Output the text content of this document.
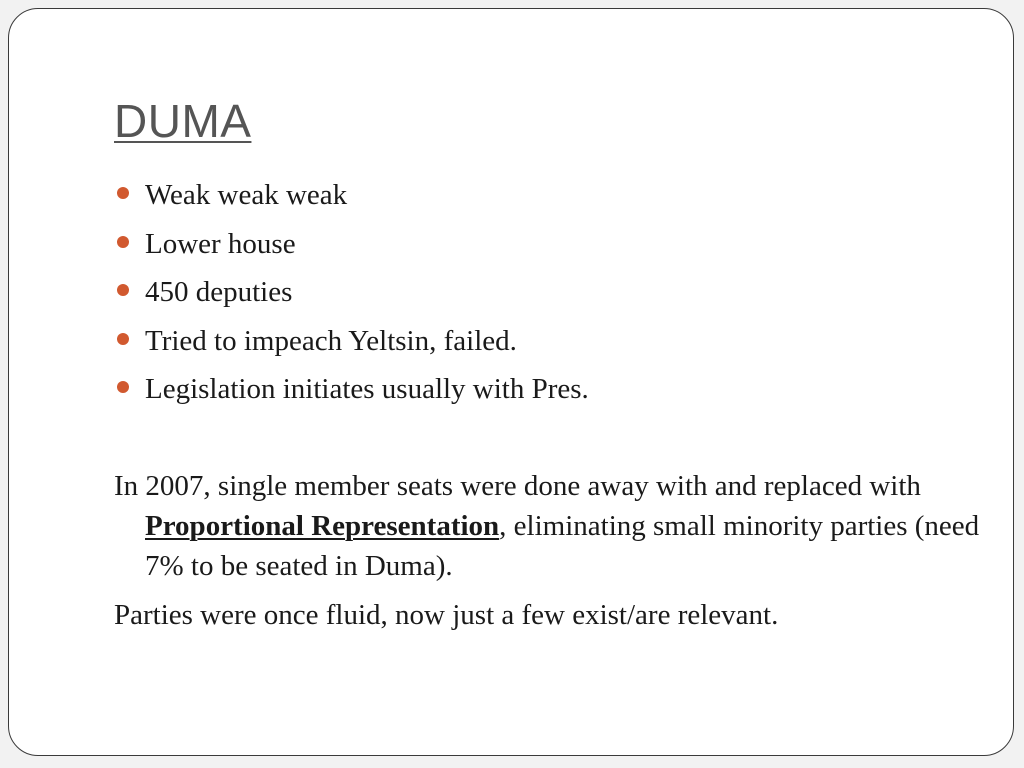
DUMA
Weak weak weak
Lower house
450 deputies
Tried to impeach Yeltsin, failed.
Legislation initiates usually with Pres.

In 2007, single member seats were done away with and replaced with Proportional Representation, eliminating small minority parties (need 7% to be seated in Duma).

Parties were once fluid, now just a few exist/are relevant.
